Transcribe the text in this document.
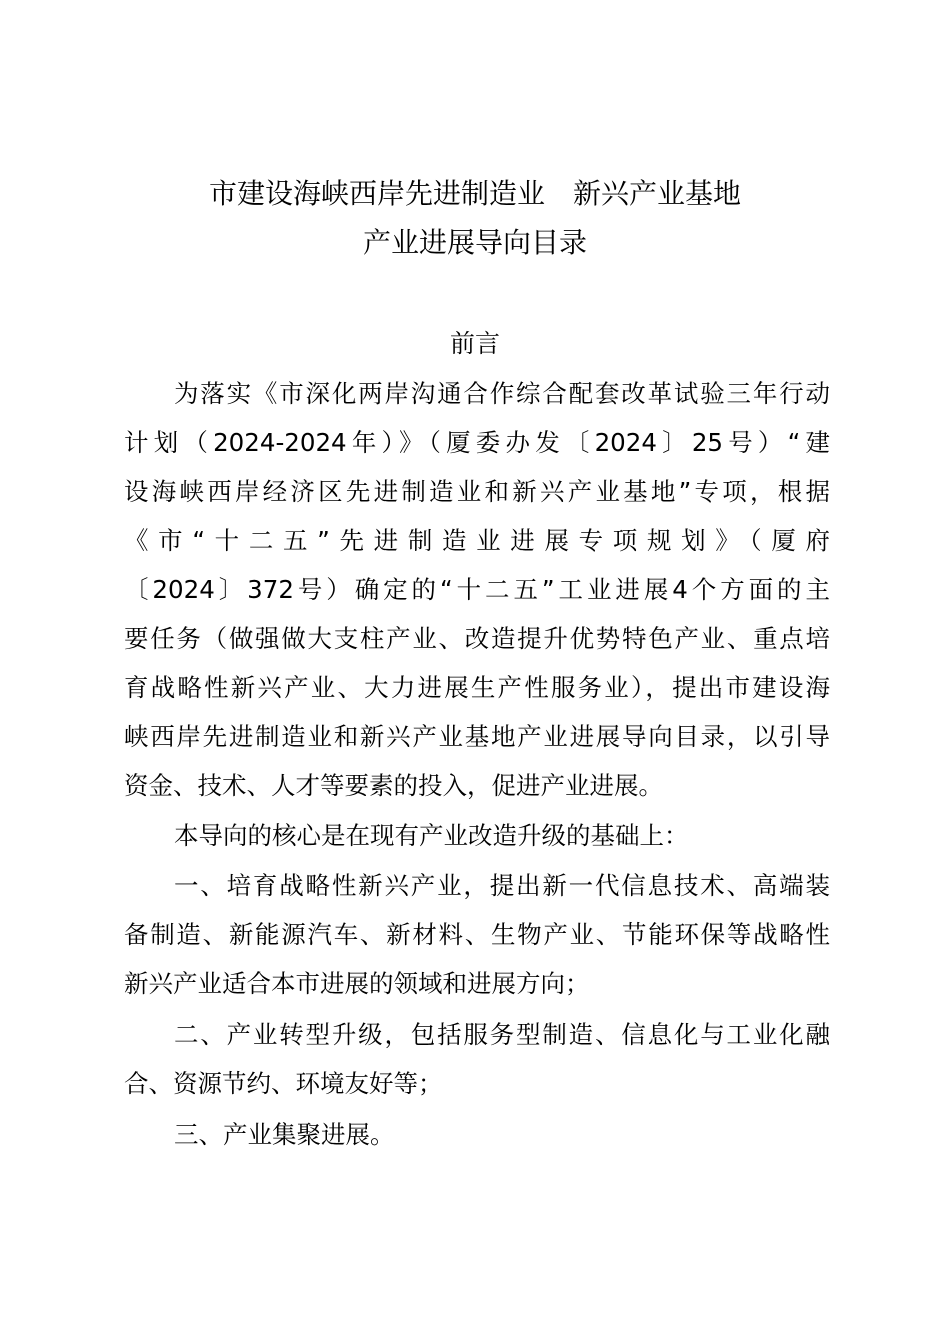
市建设海峡西岸先进制造业　新兴产业基地
产业进展导向目录
前言
为落实《市深化两岸沟通合作综合配套改革试验三年行动
计划（2024-2024年）》（厦委办发〔2024〕25号）“建
设海峡西岸经济区先进制造业和新兴产业基地”专项，根据
《市“十二五”先进制造业进展专项规划》（厦府
〔2024〕372号）确定的“十二五”工业进展4个方面的主
要任务（做强做大支柱产业、改造提升优势特色产业、重点培
育战略性新兴产业、大力进展生产性服务业），提出市建设海
峡西岸先进制造业和新兴产业基地产业进展导向目录，以引导
资金、技术、人才等要素的投入，促进产业进展。
本导向的核心是在现有产业改造升级的基础上：
一、培育战略性新兴产业，提出新一代信息技术、高端装
备制造、新能源汽车、新材料、生物产业、节能环保等战略性
新兴产业适合本市进展的领域和进展方向；
二、产业转型升级，包括服务型制造、信息化与工业化融
合、资源节约、环境友好等；
三、产业集聚进展。
